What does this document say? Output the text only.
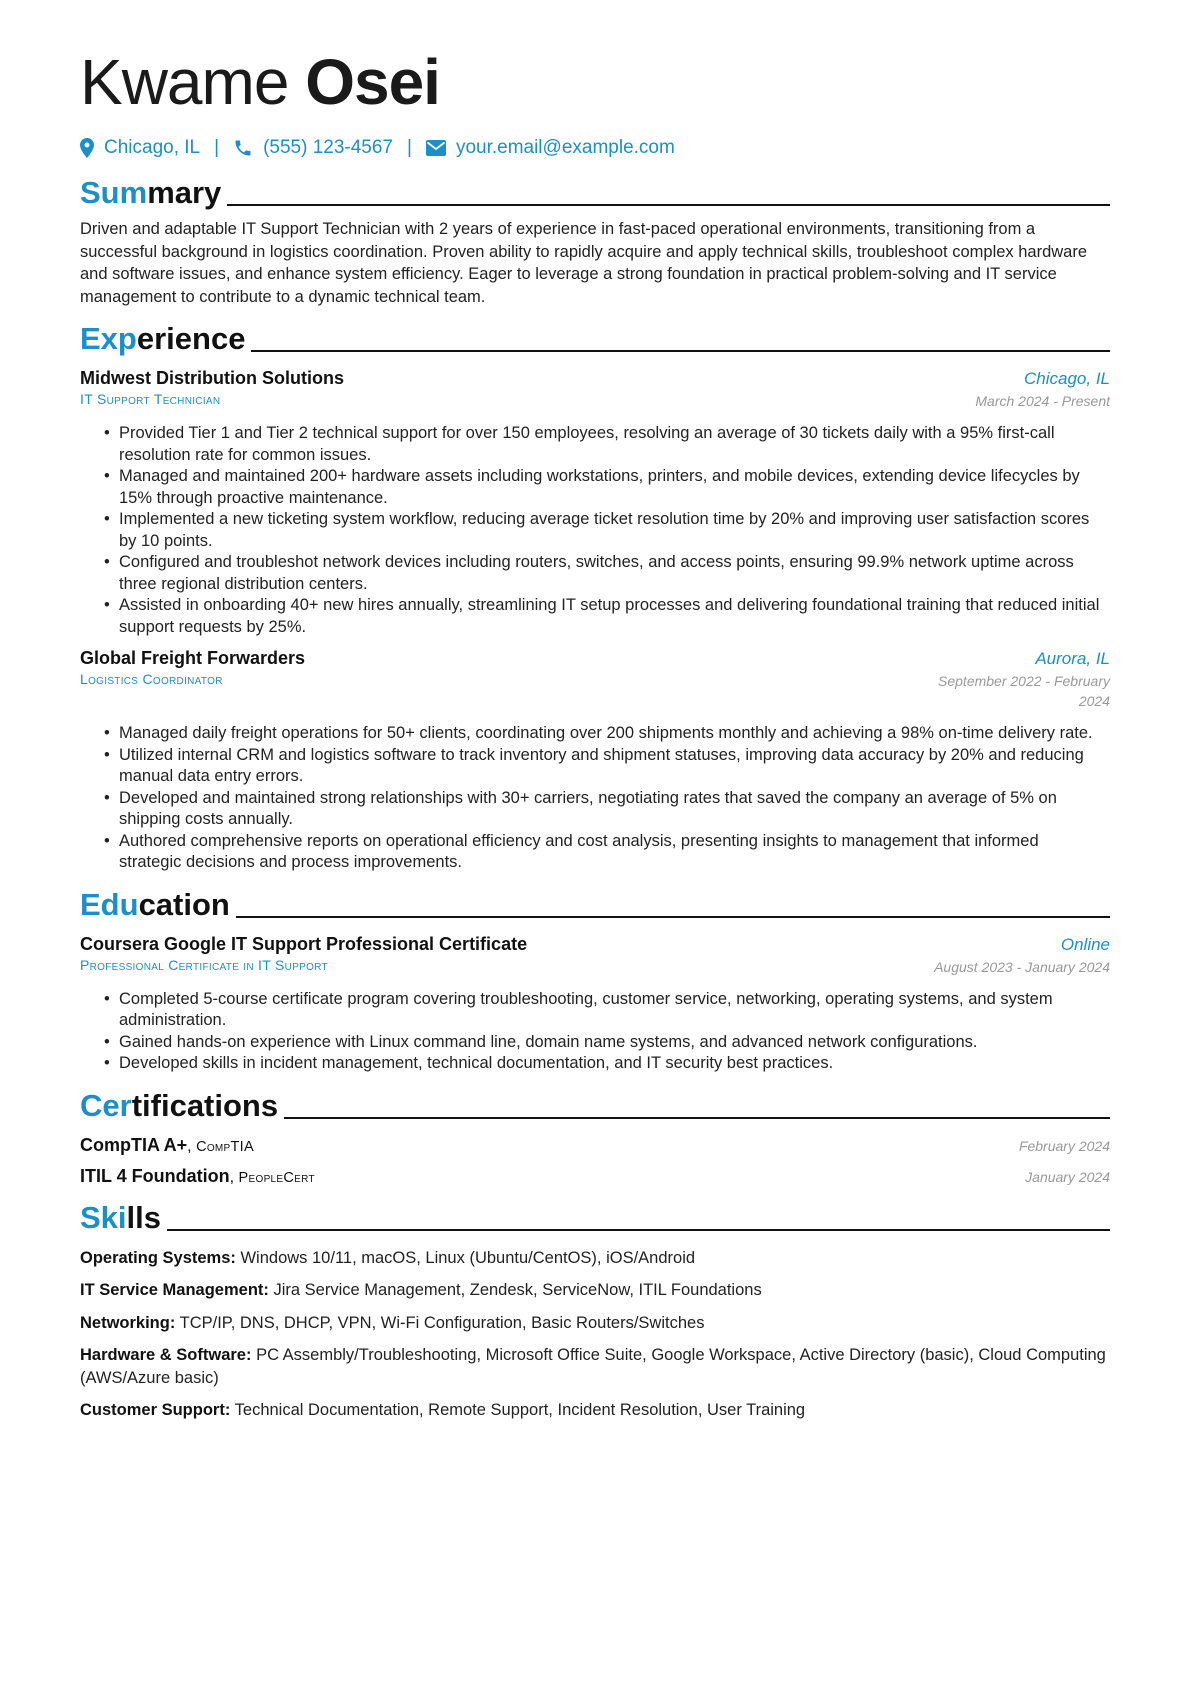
Kwame Osei
Chicago, IL | (555) 123-4567 | your.email@example.com
Summary

Driven and adaptable IT Support Technician with 2 years of experience in fast-paced operational environments, transitioning from a successful background in logistics coordination. Proven ability to rapidly acquire and apply technical skills, troubleshoot complex hardware and software issues, and enhance system efficiency. Eager to leverage a strong foundation in practical problem-solving and IT service management to contribute to a dynamic technical team.

Experience
Midwest Distribution Solutions	Chicago, IL
IT Support Technician	March 2024 - Present
• Provided Tier 1 and Tier 2 technical support for over 150 employees, resolving an average of 30 tickets daily with a 95% first-call resolution rate for common issues.
• Managed and maintained 200+ hardware assets including workstations, printers, and mobile devices, extending device lifecycles by 15% through proactive maintenance.
• Implemented a new ticketing system workflow, reducing average ticket resolution time by 20% and improving user satisfaction scores by 10 points.
• Configured and troubleshot network devices including routers, switches, and access points, ensuring 99.9% network uptime across three regional distribution centers.
• Assisted in onboarding 40+ new hires annually, streamlining IT setup processes and delivering foundational training that reduced initial support requests by 25%.
Global Freight Forwarders	Aurora, IL
Logistics Coordinator	September 2022 - February
2024
• Managed daily freight operations for 50+ clients, coordinating over 200 shipments monthly and achieving a 98% on-time delivery rate.
• Utilized internal CRM and logistics software to track inventory and shipment statuses, improving data accuracy by 20% and reducing manual data entry errors.
• Developed and maintained strong relationships with 30+ carriers, negotiating rates that saved the company an average of 5% on shipping costs annually.
• Authored comprehensive reports on operational efficiency and cost analysis, presenting insights to management that informed strategic decisions and process improvements.
Education
Coursera Google IT Support Professional Certificate	Online
Professional Certificate in IT Support	August 2023 - January 2024
• Completed 5-course certificate program covering troubleshooting, customer service, networking, operating systems, and system administration.
• Gained hands-on experience with Linux command line, domain name systems, and advanced network configurations.
• Developed skills in incident management, technical documentation, and IT security best practices.
Certifications
CompTIA A+, CompTIA	February 2024
ITIL 4 Foundation, PeopleCert	January 2024
Skills
Operating Systems: Windows 10/11, macOS, Linux (Ubuntu/CentOS), iOS/Android
IT Service Management: Jira Service Management, Zendesk, ServiceNow, ITIL Foundations
Networking: TCP/IP, DNS, DHCP, VPN, Wi-Fi Configuration, Basic Routers/Switches
Hardware & Software: PC Assembly/Troubleshooting, Microsoft Office Suite, Google Workspace, Active Directory (basic), Cloud Computing (AWS/Azure basic)
Customer Support: Technical Documentation, Remote Support, Incident Resolution, User Training
